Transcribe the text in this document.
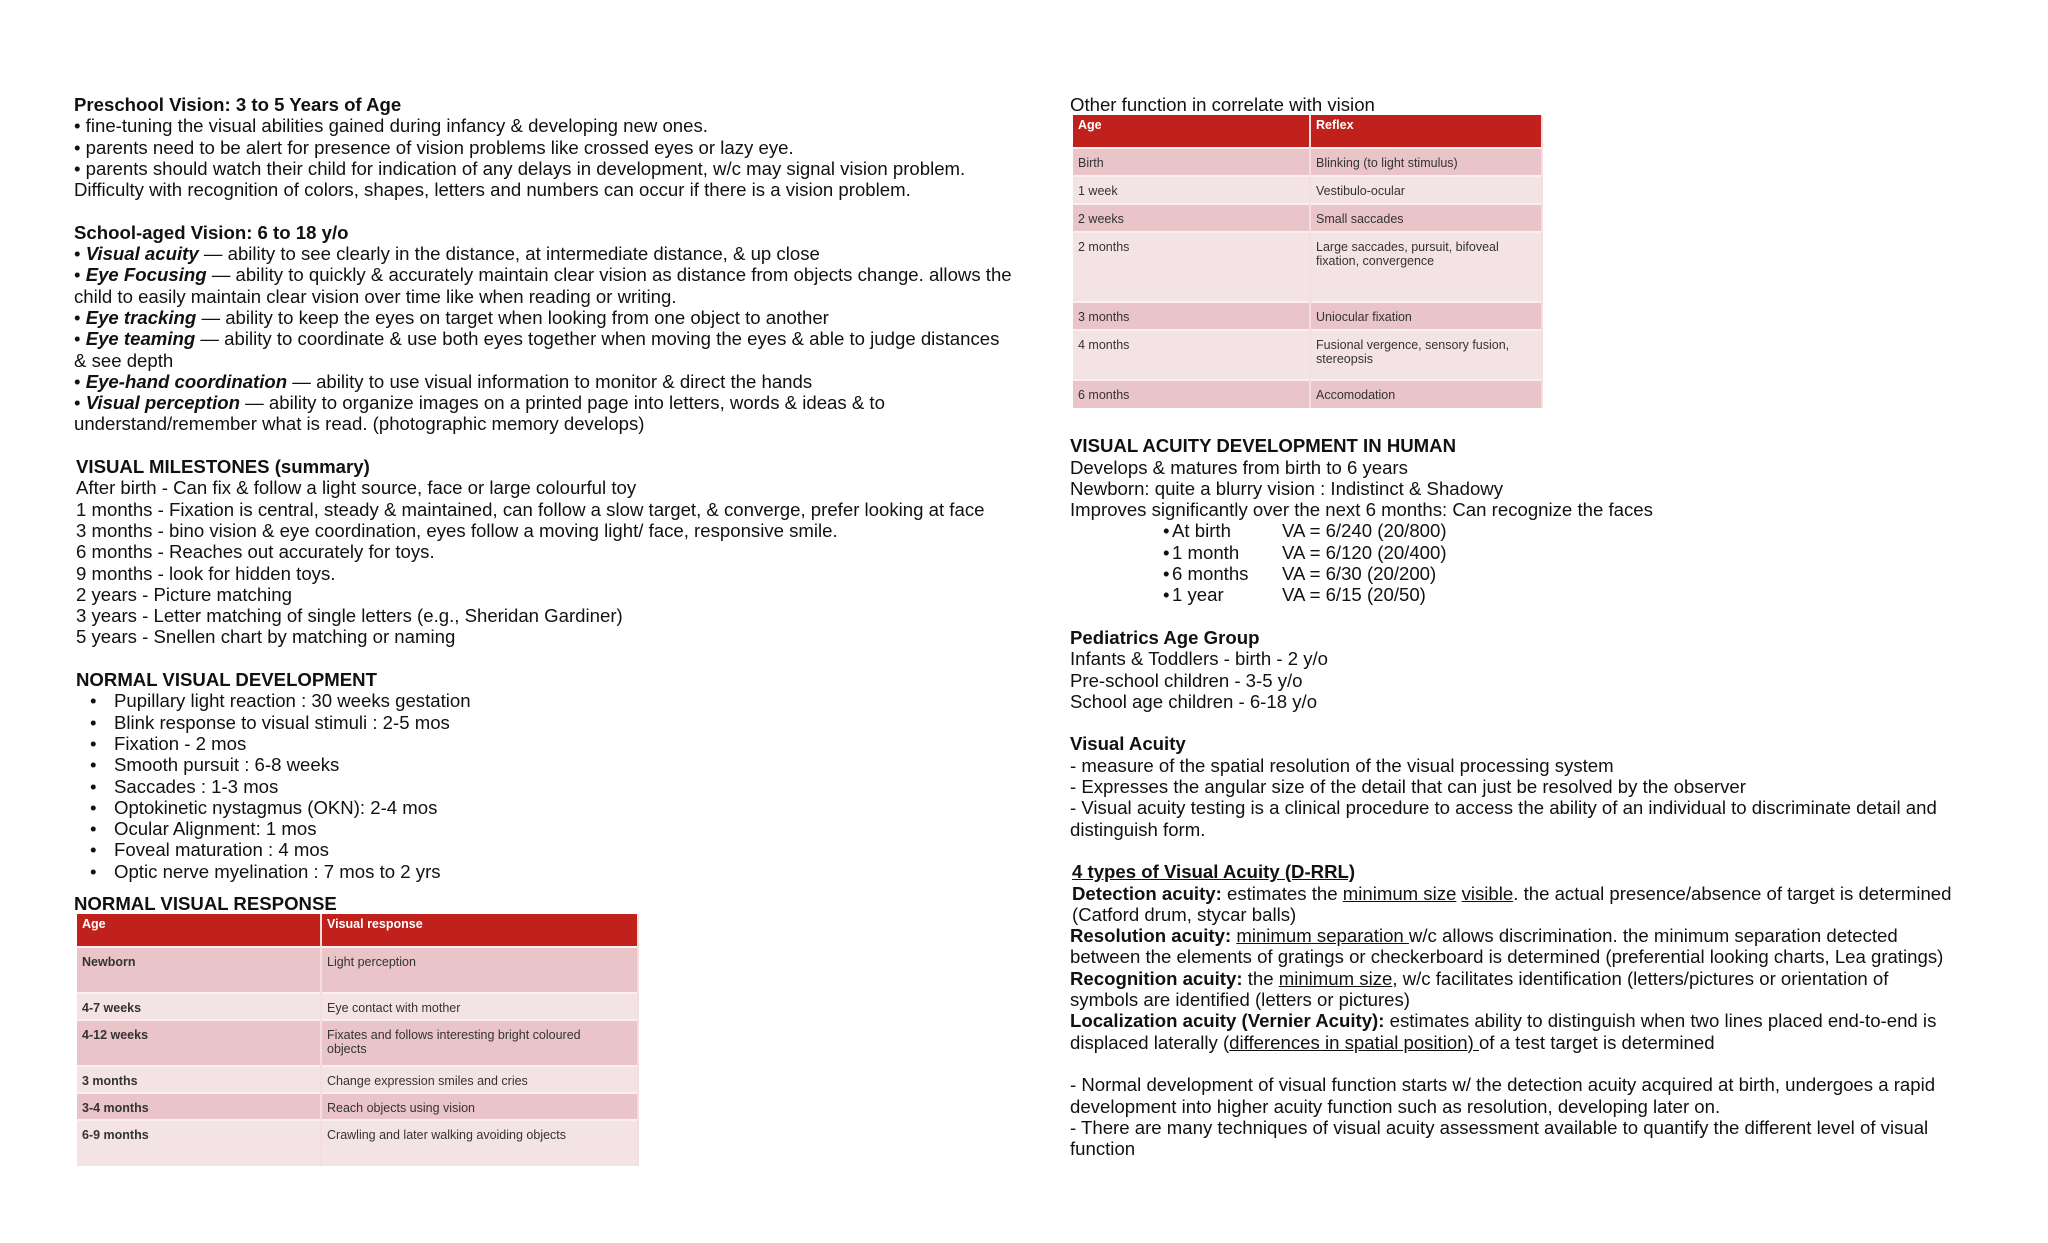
Preschool Vision: 3 to 5 Years of Age
• fine-tuning the visual abilities gained during infancy & developing new ones.
• parents need to be alert for presence of vision problems like crossed eyes or lazy eye.
• parents should watch their child for indication of any delays in development, w/c may signal vision problem.
Difficulty with recognition of colors, shapes, letters and numbers can occur if there is a vision problem.
School-aged Vision: 6 to 18 y/o
• Visual acuity — ability to see clearly in the distance, at intermediate distance, & up close
• Eye Focusing — ability to quickly & accurately maintain clear vision as distance from objects change. allows the child to easily maintain clear vision over time like when reading or writing.
• Eye tracking — ability to keep the eyes on target when looking from one object to another
• Eye teaming — ability to coordinate & use both eyes together when moving the eyes & able to judge distances & see depth
• Eye-hand coordination — ability to use visual information to monitor & direct the hands
• Visual perception — ability to organize images on a printed page into letters, words & ideas & to understand/remember what is read. (photographic memory develops)
VISUAL MILESTONES (summary)
After birth - Can fix & follow a light source, face or large colourful toy
1 months - Fixation is central, steady & maintained, can follow a slow target, & converge, prefer looking at face
3 months - bino vision & eye coordination, eyes follow a moving light/ face, responsive smile.
6 months - Reaches out accurately for toys.
9 months - look for hidden toys.
2 years - Picture matching
3 years - Letter matching of single letters (e.g., Sheridan Gardiner)
5 years - Snellen chart by matching or naming
NORMAL VISUAL DEVELOPMENT
• Pupillary light reaction : 30 weeks gestation
• Blink response to visual stimuli : 2-5 mos
• Fixation - 2 mos
• Smooth pursuit : 6-8 weeks
• Saccades : 1-3 mos
• Optokinetic nystagmus (OKN): 2-4 mos
• Ocular Alignment: 1 mos
• Foveal maturation : 4 mos
• Optic nerve myelination : 7 mos to 2 yrs
NORMAL VISUAL RESPONSE
Age	Visual response
Newborn	Light perception
4-7 weeks	Eye contact with mother
4-12 weeks	Fixates and follows interesting bright coloured objects
3 months	Change expression smiles and cries
3-4 months	Reach objects using vision
6-9 months	Crawling and later walking avoiding objects
Other function in correlate with vision
Age	Reflex
Birth	Blinking (to light stimulus)
1 week	Vestibulo-ocular
2 weeks	Small saccades
2 months	Large saccades, pursuit, bifoveal fixation, convergence
3 months	Uniocular fixation
4 months	Fusional vergence, sensory fusion, stereopsis
6 months	Accomodation
VISUAL ACUITY DEVELOPMENT IN HUMAN
Develops & matures from birth to 6 years
Newborn: quite a blurry vision : Indistinct & Shadowy
Improves significantly over the next 6 months: Can recognize the faces
• At birth	VA = 6/240 (20/800)
• 1 month	VA = 6/120 (20/400)
• 6 months	VA = 6/30 (20/200)
• 1 year	VA = 6/15 (20/50)
Pediatrics Age Group
Infants & Toddlers - birth - 2 y/o
Pre-school children - 3-5 y/o
School age children - 6-18 y/o
Visual Acuity
- measure of the spatial resolution of the visual processing system
- Expresses the angular size of the detail that can just be resolved by the observer
- Visual acuity testing is a clinical procedure to access the ability of an individual to discriminate detail and distinguish form.
4 types of Visual Acuity (D-RRL)
Detection acuity: estimates the minimum size visible. the actual presence/absence of target is determined (Catford drum, stycar balls)
Resolution acuity: minimum separation w/c allows discrimination. the minimum separation detected between the elements of gratings or checkerboard is determined (preferential looking charts, Lea gratings)
Recognition acuity: the minimum size, w/c facilitates identification (letters/pictures or orientation of symbols are identified (letters or pictures)
Localization acuity (Vernier Acuity): estimates ability to distinguish when two lines placed end-to-end is displaced laterally (differences in spatial position) of a test target is determined
- Normal development of visual function starts w/ the detection acuity acquired at birth, undergoes a rapid development into higher acuity function such as resolution, developing later on.
- There are many techniques of visual acuity assessment available to quantify the different level of visual function
